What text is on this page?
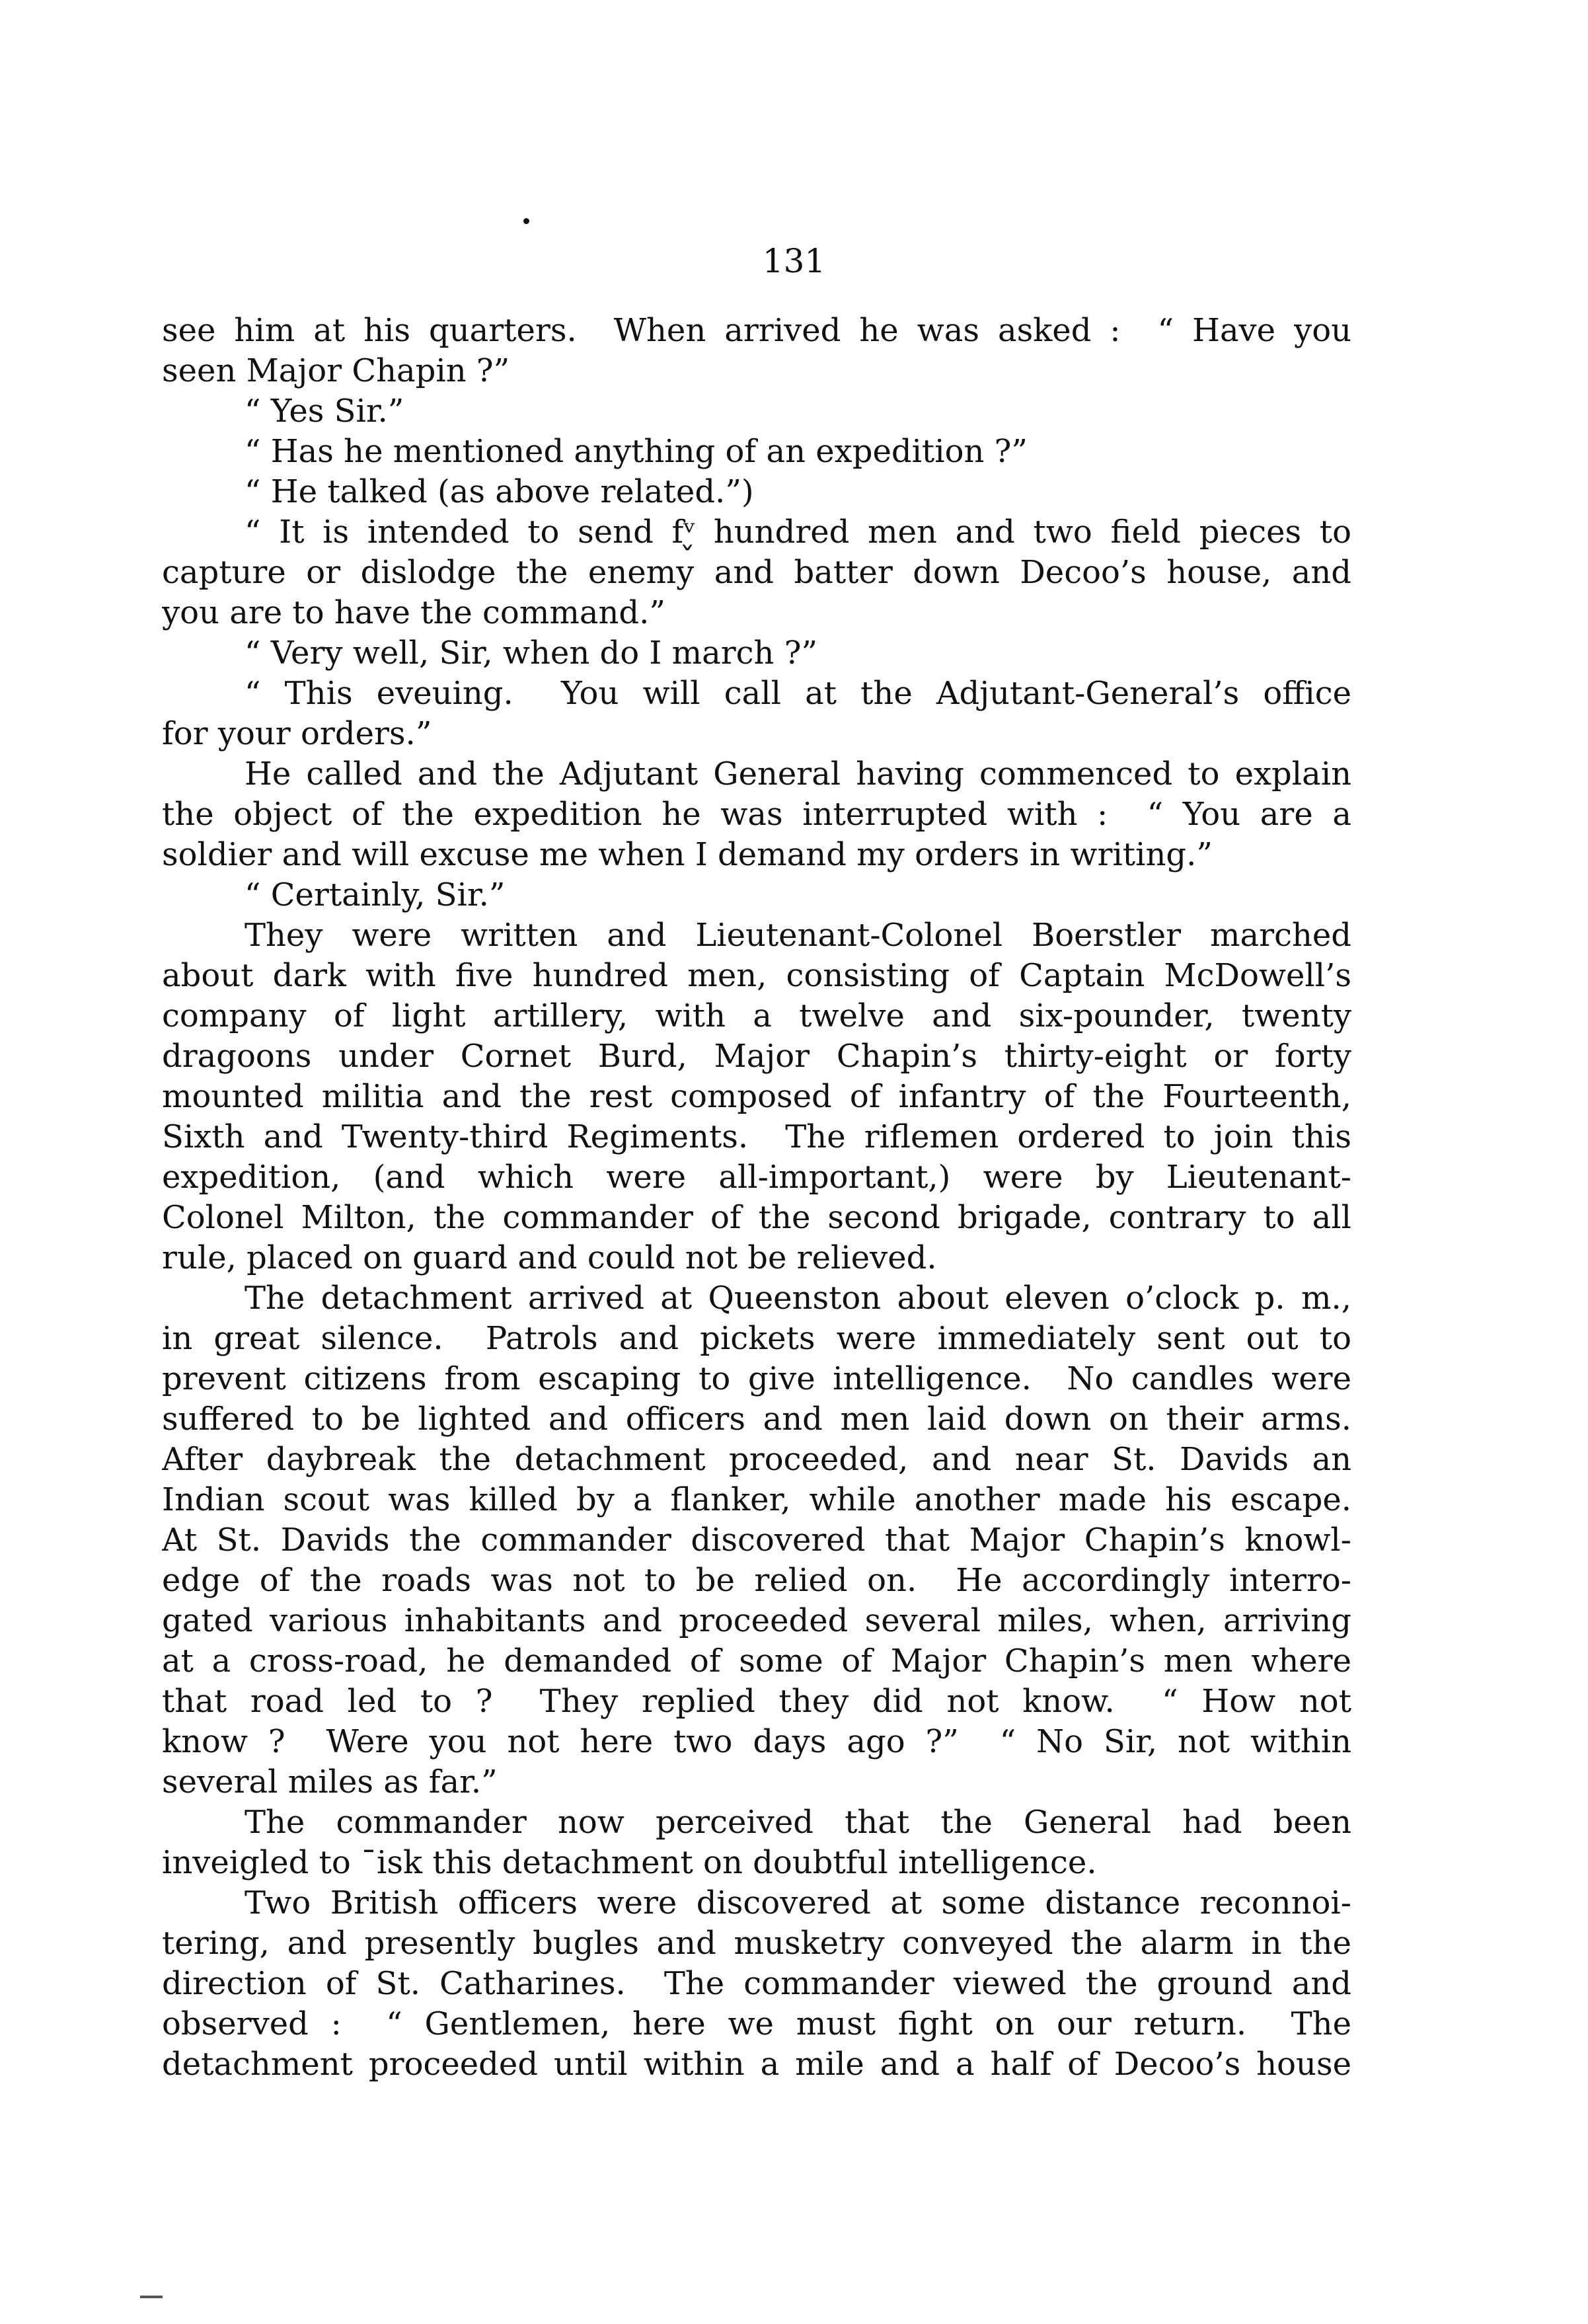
131
see him at his quarters.  When arrived he was asked :  “ Have you
seen Major Chapin ?”
“ Yes Sir.”
“ Has he mentioned anything of an expedition ?”
“ He talked (as above related.”)
“ It is intended to send fᵛ̬ hundred men and two field pieces to
capture or dislodge the enemy and batter down Decoo’s house, and
you are to have the command.”
“ Very well, Sir, when do I march ?”
“ This eveuing.  You will call at the Adjutant-General’s office
for your orders.”
He called and the Adjutant General having commenced to explain
the object of the expedition he was interrupted with :  “ You are a
soldier and will excuse me when I demand my orders in writing.”
“ Certainly, Sir.”
They were written and Lieutenant-Colonel Boerstler marched
about dark with five hundred men, consisting of Captain McDowell’s
company of light artillery, with a twelve and six-pounder, twenty
dragoons under Cornet Burd, Major Chapin’s thirty-eight or forty
mounted militia and the rest composed of infantry of the Fourteenth,
Sixth and Twenty-third Regiments.  The riflemen ordered to join this
expedition, (and which were all-important,) were by Lieutenant-
Colonel Milton, the commander of the second brigade, contrary to all
rule, placed on guard and could not be relieved.
The detachment arrived at Queenston about eleven o’clock p. m.,
in great silence.  Patrols and pickets were immediately sent out to
prevent citizens from escaping to give intelligence.  No candles were
suffered to be lighted and officers and men laid down on their arms.
After daybreak the detachment proceeded, and near St. Davids an
Indian scout was killed by a flanker, while another made his escape.
At St. Davids the commander discovered that Major Chapin’s knowl-
edge of the roads was not to be relied on.  He accordingly interro-
gated various inhabitants and proceeded several miles, when, arriving
at a cross-road, he demanded of some of Major Chapin’s men where
that road led to ?  They replied they did not know.  “ How not
know ?  Were you not here two days ago ?”  “ No Sir, not within
several miles as far.”
The commander now perceived that the General had been
inveigled to ˉisk this detachment on doubtful intelligence.
Two British officers were discovered at some distance reconnoi-
tering, and presently bugles and musketry conveyed the alarm in the
direction of St. Catharines.  The commander viewed the ground and
observed :  “ Gentlemen, here we must fight on our return.  The
detachment proceeded until within a mile and a half of Decoo’s house
